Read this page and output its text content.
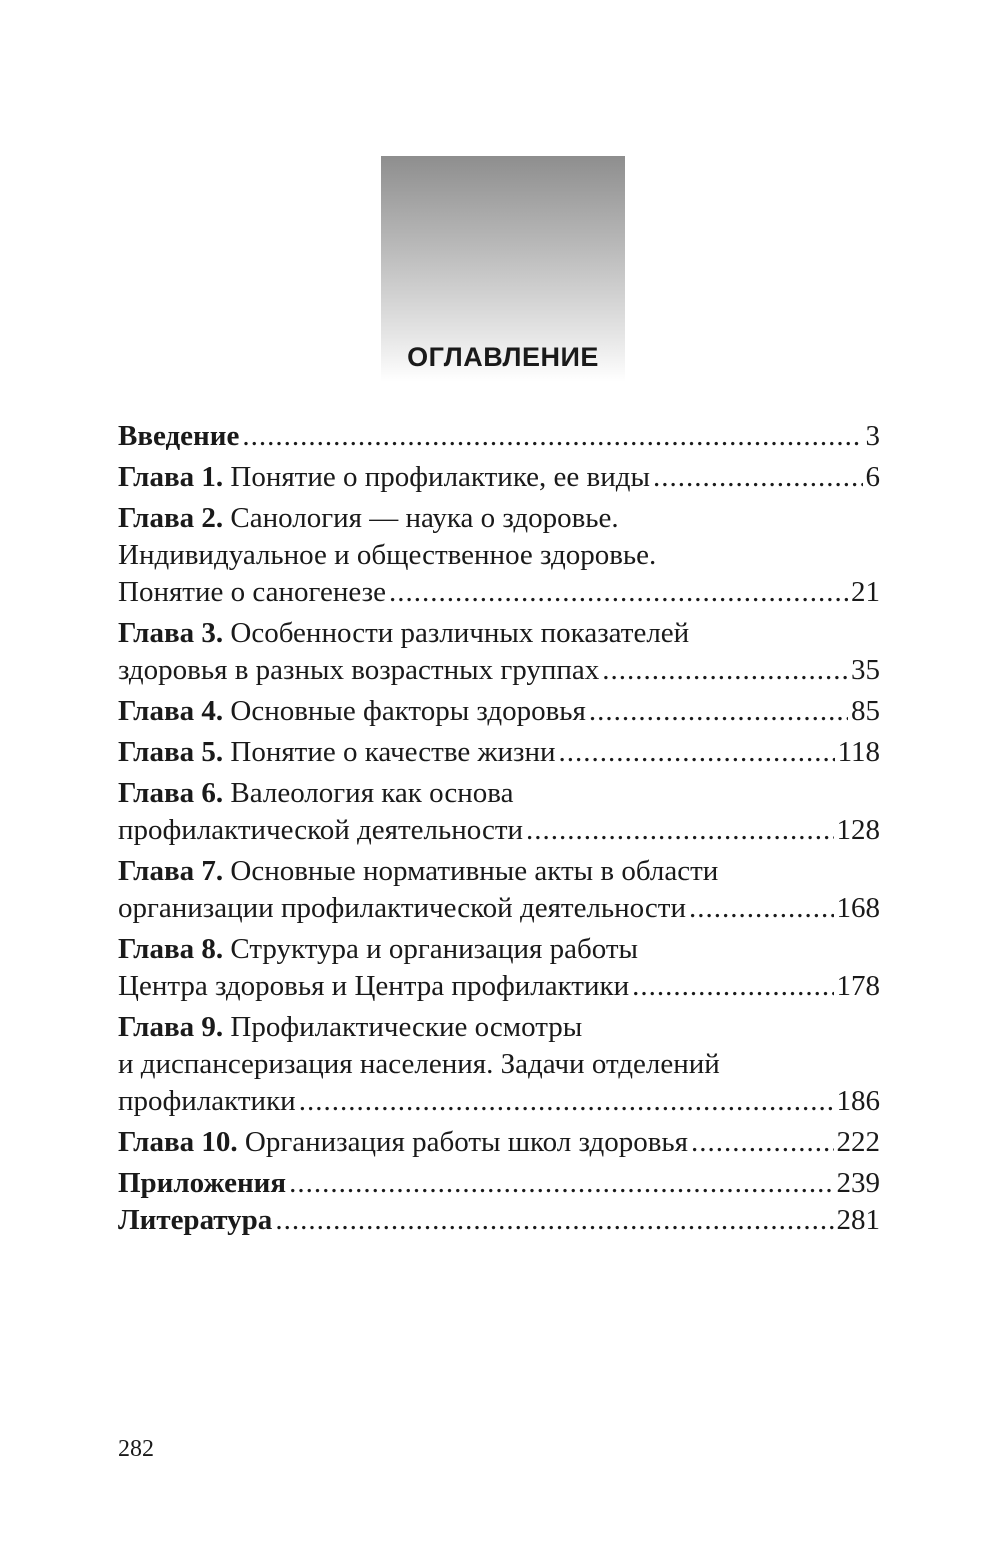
ОГЛАВЛЕНИЕ
Введение .....	3
Глава 1. Понятие о профилактике, ее виды .....	6
Глава 2. Санология — наука о здоровье.
Индивидуальное и общественное здоровье.
Понятие о саногенезе .....	21
Глава 3. Особенности различных показателей
здоровья в разных возрастных группах .....	35
Глава 4. Основные факторы здоровья .....	85
Глава 5. Понятие о качестве жизни .....	118
Глава 6. Валеология как основа
профилактической деятельности .....	128
Глава 7. Основные нормативные акты в области
организации профилактической деятельности .....	168
Глава 8. Структура и организация работы
Центра здоровья и Центра профилактики .....	178
Глава 9. Профилактические осмотры
и диспансеризация населения. Задачи отделений
профилактики .....	186
Глава 10. Организация работы школ здоровья .....	222
Приложения .....	239
Литература .....	281

282
